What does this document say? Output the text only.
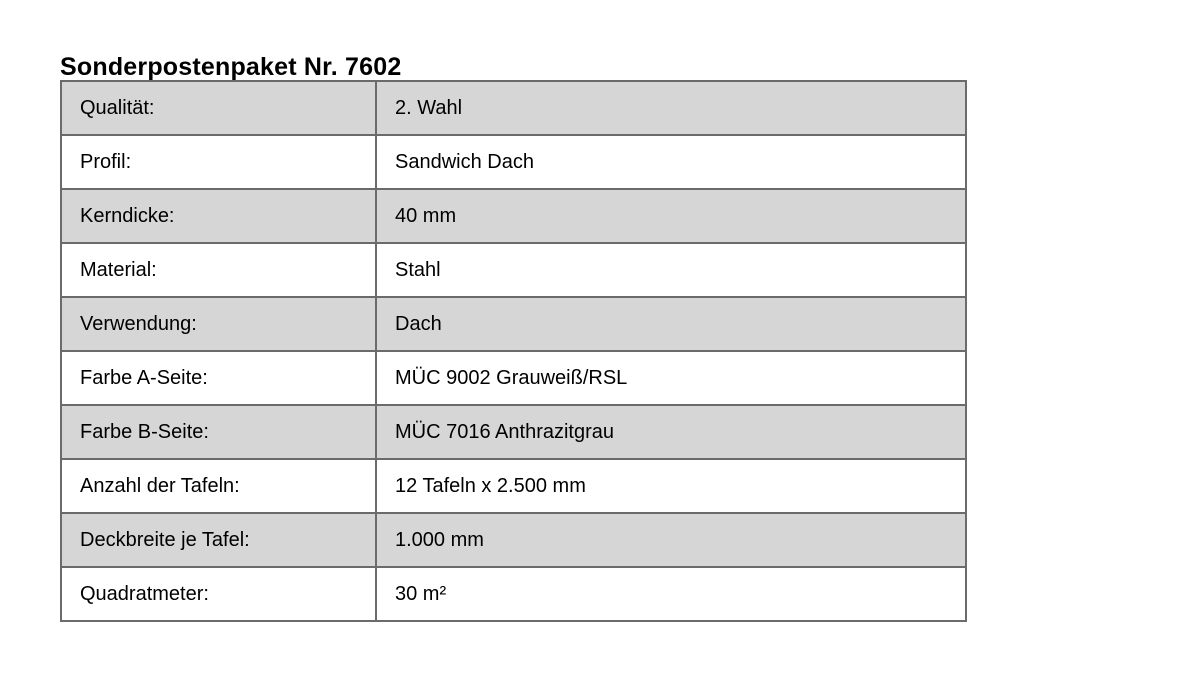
Sonderpostenpaket Nr. 7602
Qualität:	2. Wahl
Profil:	Sandwich Dach
Kerndicke:	40 mm
Material:	Stahl
Verwendung:	Dach
Farbe A-Seite:	MÜC 9002 Grauweiß/RSL
Farbe B-Seite:	MÜC 7016 Anthrazitgrau
Anzahl der Tafeln:	12 Tafeln x 2.500 mm
Deckbreite je Tafel:	1.000 mm
Quadratmeter:	30 m²
